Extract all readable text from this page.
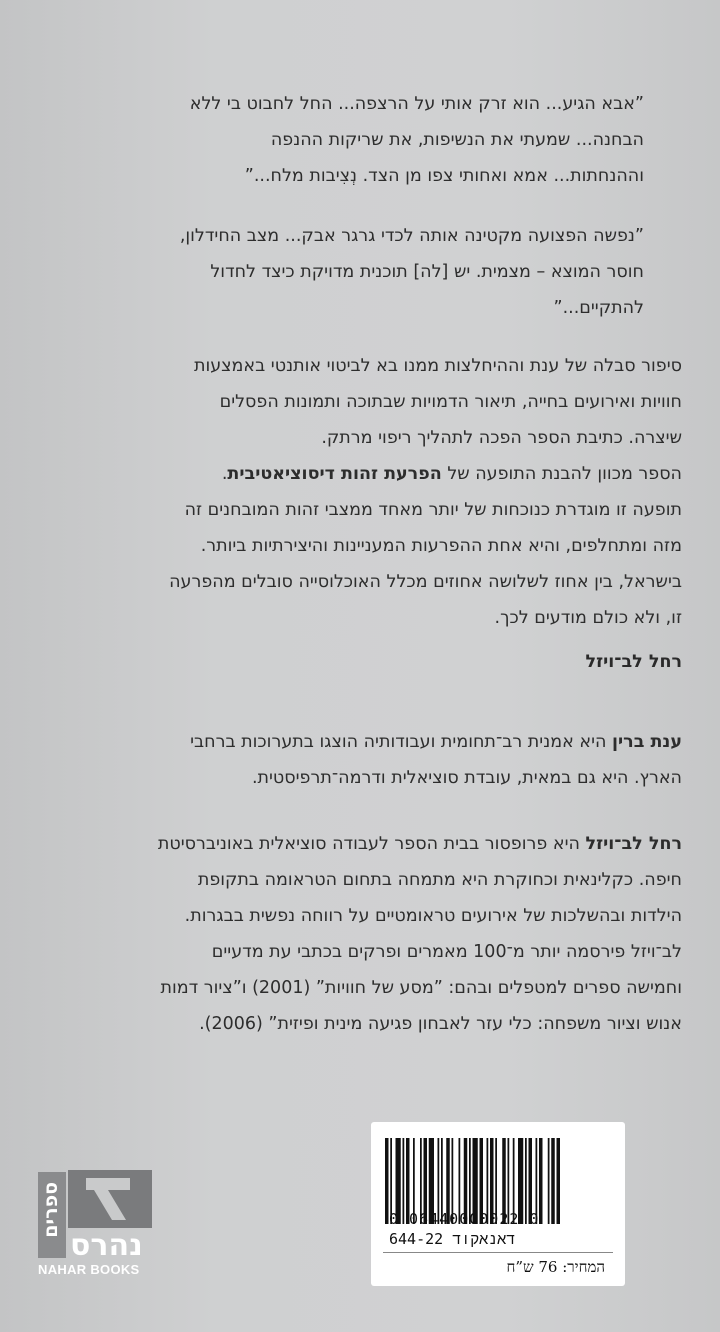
”אבא הגיע... הוא זרק אותי על הרצפה... החל לחבוט בי ללא
הבחנה... שמעתי את הנשיפות, את שריקות ההנפה
וההנחתות... אמא ואחותי צפו מן הצד. נְצִיבות מלח...”
”נפשה הפצועה מקטינה אותה לכדי גרגר אבק... מצב החידלון,
חוסר המוצא – מצמית. יש [לה] תוכנית מדויקת כיצד לחדול
להתקיים...”
סיפור סבלה של ענת וההיחלצות ממנו בא לביטוי אותנטי באמצעות
חוויות ואירועים בחייה, תיאור הדמויות שבתוכה ותמונות הפסלים
שיצרה. כתיבת הספר הפכה לתהליך ריפוי מרתק.
הספר מכוון להבנת התופעה של הפרעת זהות דיסוציאטיבית.
תופעה זו מוגדרת כנוכחות של יותר מאחד ממצבי זהות המובחנים זה
מזה ומתחלפים, והיא אחת ההפרעות המעניינות והיצירתיות ביותר.
בישראל, בין אחוז לשלושה אחוזים מכלל האוכלוסייה סובלים מהפרעה
זו, ולא כולם מודעים לכך.
רחל לב־ויזל
ענת ברין היא אמנית רב־תחומית ועבודותיה הוצגו בתערוכות ברחבי
הארץ. היא גם במאית, עובדת סוציאלית ודרמה־תרפיסטית.
רחל לב־ויזל היא פרופסור בבית הספר לעבודה סוציאלית באוניברסיטת
חיפה. כקלינאית וכחוקרת היא מתמחה בתחום הטראומה בתקופת
הילדות ובהשלכות של אירועים טראומטיים על רווחה נפשית בבגרות.
לב־ויזל פירסמה יותר מ־100 מאמרים ופרקים בכתבי עת מדעיים
וחמישה ספרים למטפלים ובהם: ”מסע של חוויות” (2001) ו”ציור דמות
אנוש וציור משפחה: כלי עזר לאבחון פגיעה מינית ופיזית” (2006).
נהרס
NAHAR BOOKS
ספרים	0 06440000022 0
644-22 דאנאקוד
המחיר: 76 ש”ח
